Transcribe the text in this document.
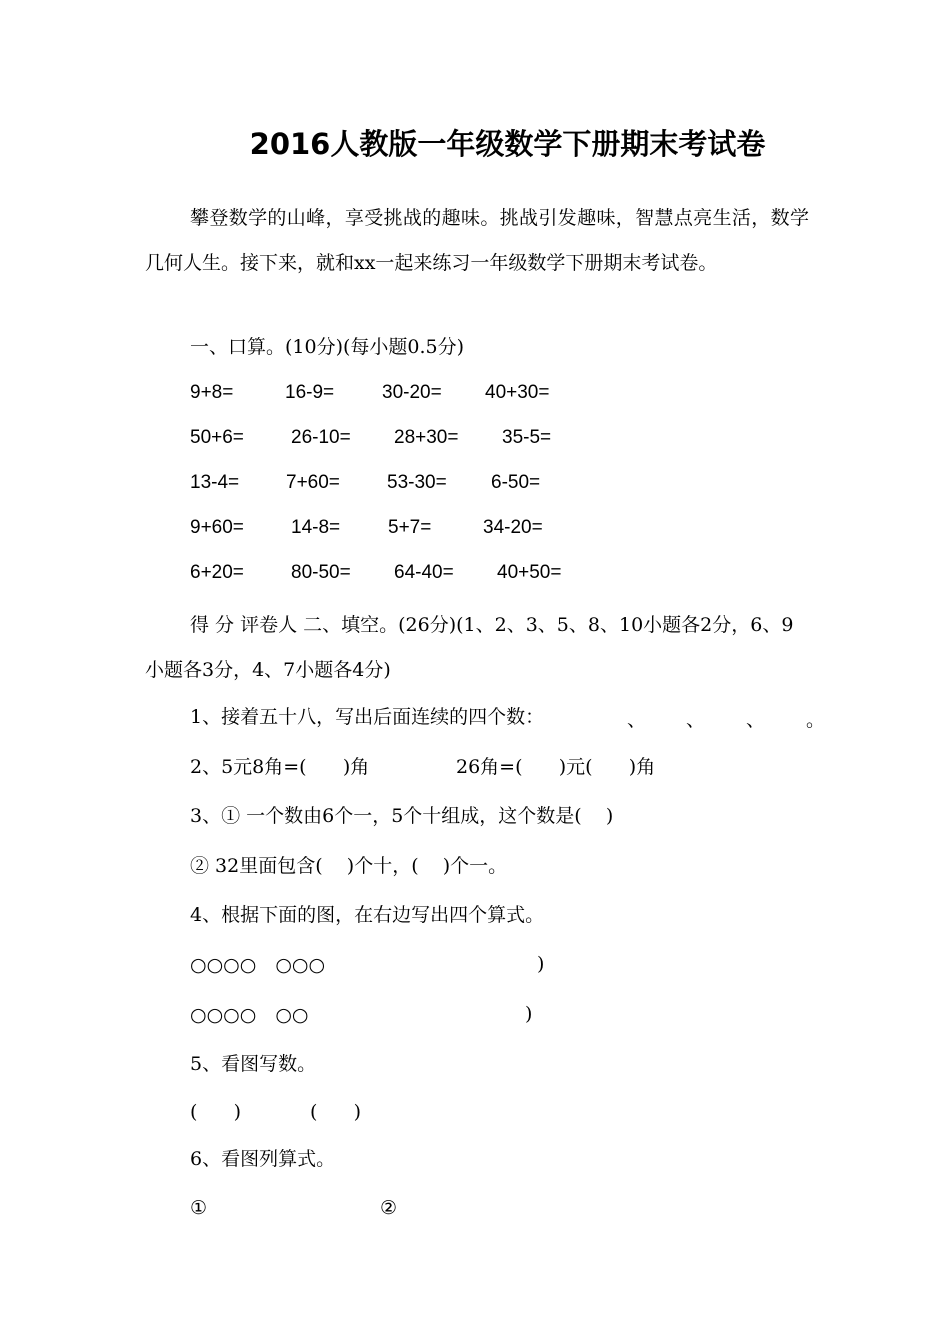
2016人教版一年级数学下册期末考试卷
攀登数学的山峰，享受挑战的趣味。挑战引发趣味，智慧点亮生活，数学几何人生。接下来，就和xx一起来练习一年级数学下册期末考试卷。
一、口算。(10分)(每小题0.5分)
9+8=	16-9=	30-20= 40+30=
50+6= 26-10= 28+30= 35-5=
13-4= 7+60= 53-30= 6-50=
9+60= 14-8=	5+7=	34-20=
6+20= 80-50= 64-40= 40+50=
得 分 评卷人 二、填空。(26分)(1、2、3、5、8、10小题各2分，6、9小题各3分，4、7小题各4分)
1、接着五十八，写出后面连续的四个数：	、 、 、 。
2、5元8角=(      )角	26角=(      )元(      )角
3、① 一个数由6个一，5个十组成，这个数是(    )
② 32里面包含(    )个十，(    )个一。
4、根据下面的图，在右边写出四个算式。
○○○○　○○○	)
○○○○　○○	)
5、看图写数。
(      )	(      )
6、看图列算式。
①	②
